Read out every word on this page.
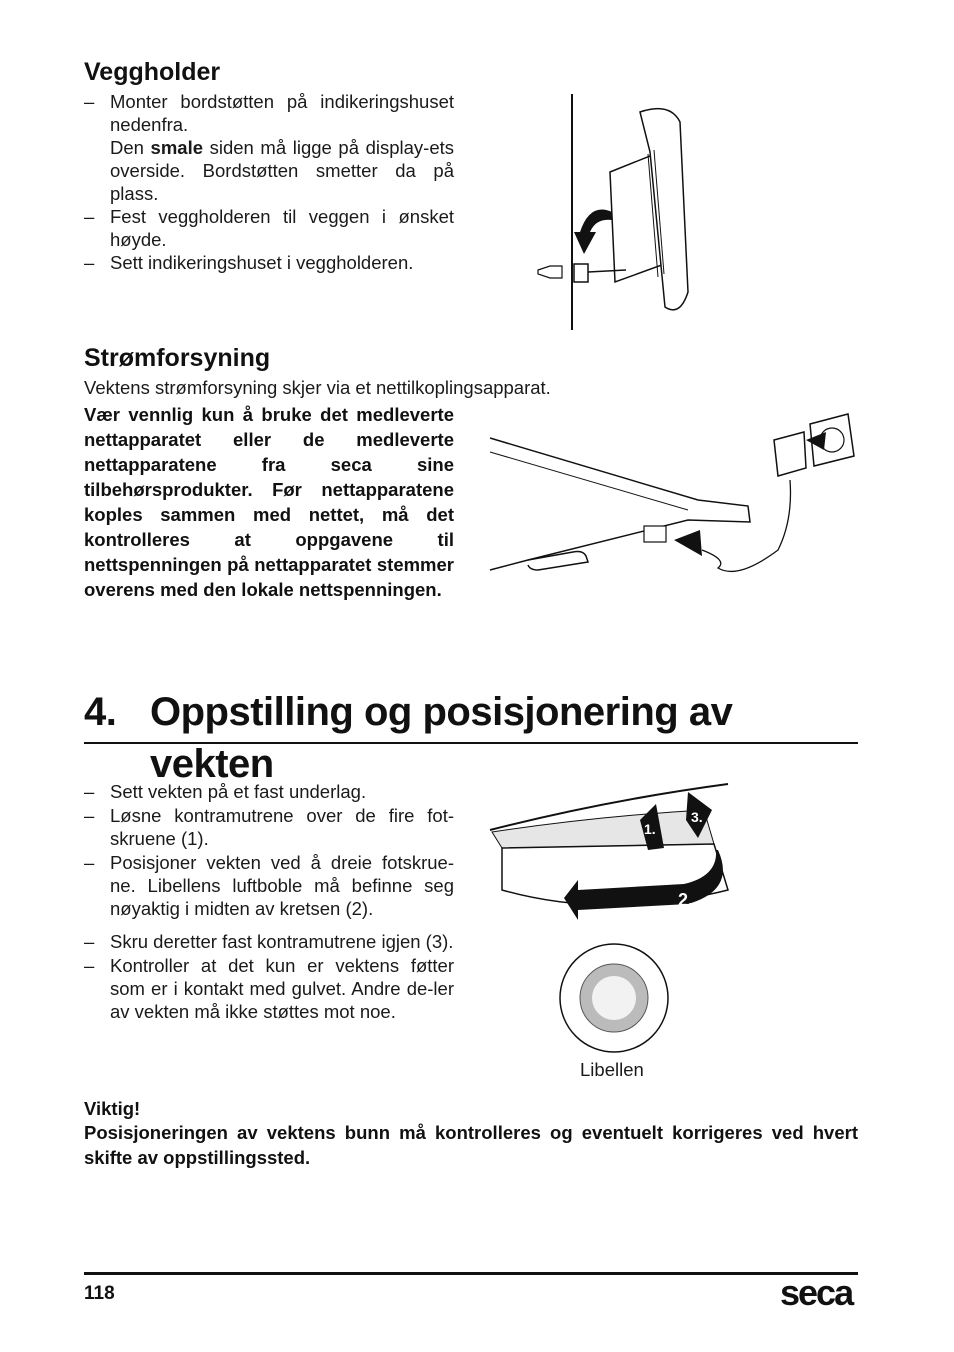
Veggholder
– Monter bordstøtten på indikeringshuset nedenfra.
Den smale siden må ligge på display-ets overside. Bordstøtten smetter da på plass.
– Fest veggholderen til veggen i ønsket høyde.
– Sett indikeringshuset i veggholderen.
Strømforsyning
Vektens strømforsyning skjer via et nettilkoplingsapparat.
Vær vennlig kun å bruke det medleverte nettapparatet eller de medleverte nettapparatene fra seca sine tilbehørsprodukter. Før nettapparatene koples sammen med nettet, må det kontrolleres at oppgavene til nettspenningen på nettapparatet stemmer overens med den lokale nettspenningen.
4. Oppstilling og posisjonering av vekten
– Sett vekten på et fast underlag.
– Løsne kontramutrene over de fire fot-skruene (1).
– Posisjoner vekten ved å dreie fotskrue-ne. Libellens luftboble må befinne seg nøyaktig i midten av kretsen (2).
– Skru deretter fast kontramutrene igjen (3).
– Kontroller at det kun er vektens føtter som er i kontakt med gulvet. Andre de-ler av vekten må ikke støttes mot noe.
2.
1.
3.
Libellen
Viktig!
Posisjoneringen av vektens bunn må kontrolleres og eventuelt korrigeres ved hvert skifte av oppstillingssted.
118	seca
